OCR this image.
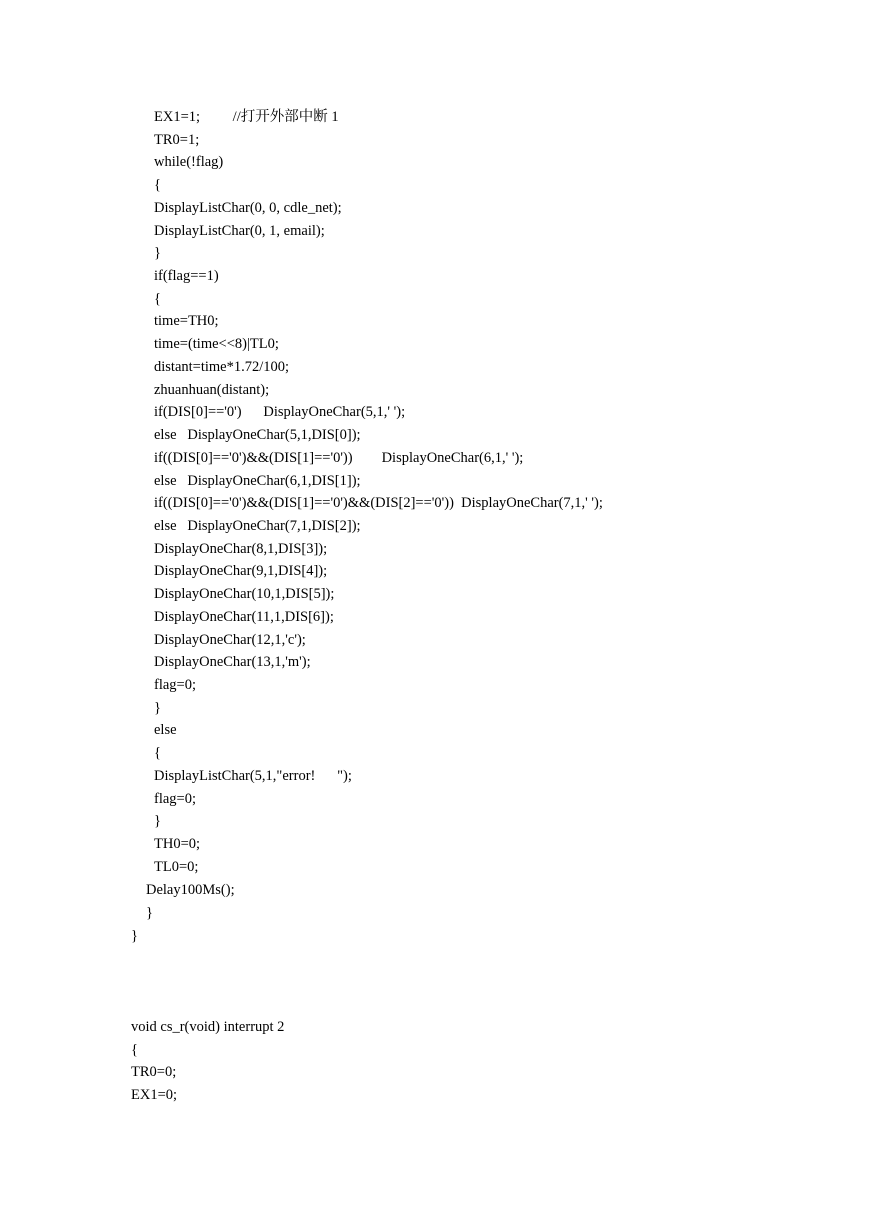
EX1=1;         //打开外部中断 1
TR0=1;
while(!flag)
{
DisplayListChar(0, 0, cdle_net);
DisplayListChar(0, 1, email);
}
if(flag==1)
{
time=TH0;
time=(time<<8)|TL0;
distant=time*1.72/100;
zhuanhuan(distant);
if(DIS[0]=='0')      DisplayOneChar(5,1,' ');
else   DisplayOneChar(5,1,DIS[0]);
if((DIS[0]=='0')&&(DIS[1]=='0'))        DisplayOneChar(6,1,' ');
else   DisplayOneChar(6,1,DIS[1]);
if((DIS[0]=='0')&&(DIS[1]=='0')&&(DIS[2]=='0'))  DisplayOneChar(7,1,' ');
else   DisplayOneChar(7,1,DIS[2]);
DisplayOneChar(8,1,DIS[3]);
DisplayOneChar(9,1,DIS[4]);
DisplayOneChar(10,1,DIS[5]);
DisplayOneChar(11,1,DIS[6]);
DisplayOneChar(12,1,'c');
DisplayOneChar(13,1,'m');
flag=0;
}
else
{
DisplayListChar(5,1,"error!      ");
flag=0;
}
TH0=0;
TL0=0;
Delay100Ms();
}
}
void cs_r(void) interrupt 2
{
TR0=0;
EX1=0;
